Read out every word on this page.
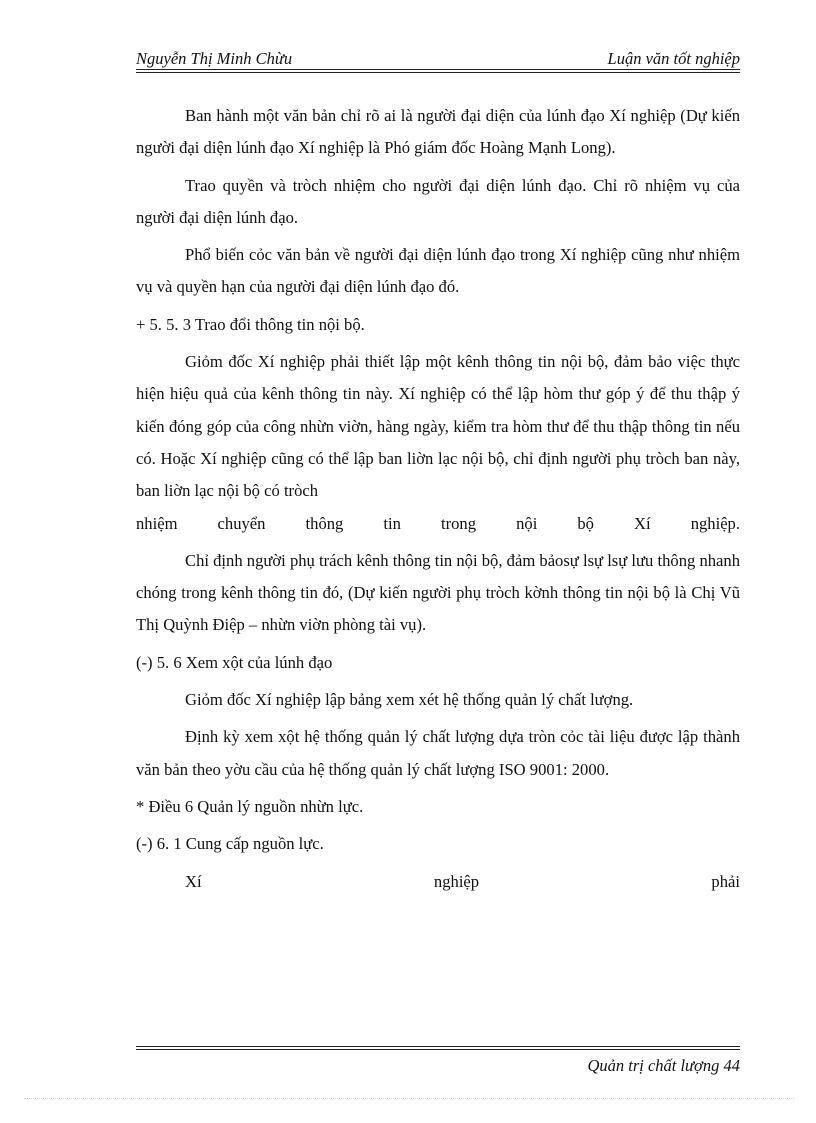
Nguyễn Thị Minh Chừu	Luận văn tốt nghiệp

Ban hành một văn bản chỉ rõ ai là người đại diện của lúnh đạo Xí nghiệp (Dự kiến người đại diện lúnh đạo Xí nghiệp là Phó giám đốc Hoàng Mạnh Long).

Trao quyền và tròch nhiệm cho người đại diện lúnh đạo. Chỉ rõ nhiệm vụ của người đại diện lúnh đạo.

Phổ biến cỏc văn bản về người đại diện lúnh đạo trong Xí nghiệp cũng như nhiệm vụ và quyền hạn của người đại diện lúnh đạo đó.

+ 5. 5. 3 Trao đổi thông tin nội bộ.

Giỏm đốc Xí nghiệp phải thiết lập một kênh thông tin nội bộ, đảm bảo việc thực hiện hiệu quả của kênh thông tin này. Xí nghiệp có thể lập hòm thư góp ý để thu thập ý kiến đóng góp của công nhừn viờn, hàng ngày, kiểm tra hòm thư để thu thập thông tin nếu có. Hoặc Xí nghiệp cũng có thể lập ban liờn lạc nội bộ, chỉ định người phụ tròch ban này, ban liờn lạc nội bộ có tròch

nhiệm chuyển thông tin trong nội bộ Xí nghiệp.

Chỉ định người phụ trách kênh thông tin nội bộ, đảm bảosự lsự lsự lưu thông nhanh chóng trong kênh thông tin đó, (Dự kiến người phụ tròch kờnh thông tin nội bộ là Chị Vũ Thị Quỳnh Điệp – nhừn viờn phòng tài vụ).

(-) 5. 6 Xem xột của lúnh đạo

Giỏm đốc Xí nghiệp lập bảng xem xét hệ thống quản lý chất lượng.

Định kỳ xem xột hệ thống quản lý chất lượng dựa tròn cỏc tài liệu được lập thành văn bản theo yờu cầu của hệ thống quản lý chất lượng ISO 9001: 2000.

* Điều 6 Quản lý nguồn nhừn lực.

(-) 6. 1 Cung cấp nguồn lực.

Xí	nghiệp	phải
Quản trị chất lượng 44
